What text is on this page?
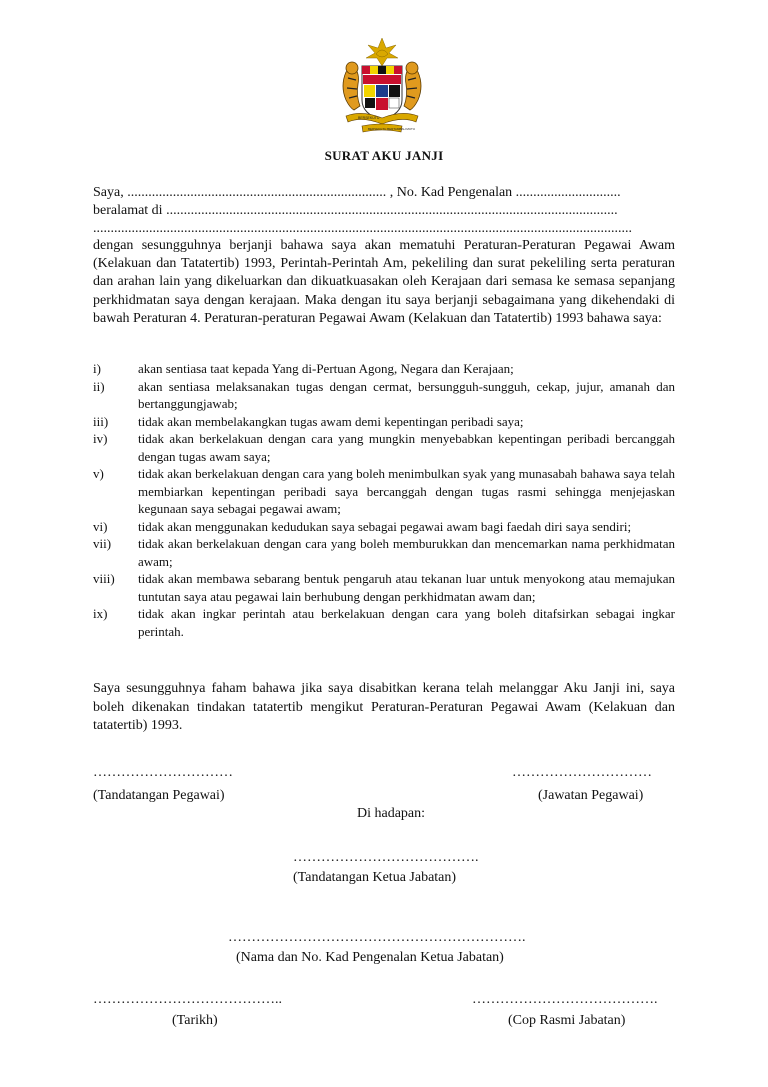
BERSEKUTU
BERSEKUTU BERTAMBAH MUTU
SURAT AKU JANJI
Saya, .......................................................................... , No. Kad Pengenalan ..............................
beralamat di .................................................................................................................................
..........................................................................................................................................................
dengan sesungguhnya berjanji bahawa saya akan mematuhi Peraturan-Peraturan Pegawai Awam (Kelakuan dan Tatatertib) 1993, Perintah-Perintah Am, pekeliling dan surat pekeliling serta peraturan dan arahan lain yang dikeluarkan dan dikuatkuasakan oleh Kerajaan dari semasa ke semasa sepanjang perkhidmatan saya dengan kerajaan. Maka dengan itu saya berjanji sebagaimana yang dikehendaki di bawah Peraturan 4. Peraturan-peraturan Pegawai Awam (Kelakuan dan Tatatertib) 1993 bahawa saya:
i)	akan sentiasa taat kepada Yang di-Pertuan Agong, Negara dan Kerajaan;
ii)	akan sentiasa melaksanakan tugas dengan cermat, bersungguh-sungguh, cekap, jujur, amanah dan bertanggungjawab;
iii)	tidak akan membelakangkan tugas awam demi kepentingan peribadi saya;
iv)	tidak akan berkelakuan dengan cara yang mungkin menyebabkan kepentingan peribadi bercanggah dengan tugas awam saya;
v)	tidak akan berkelakuan dengan cara yang boleh menimbulkan syak yang munasabah bahawa saya telah membiarkan kepentingan peribadi saya bercanggah dengan tugas rasmi sehingga menjejaskan kegunaan saya sebagai pegawai awam;
vi)	tidak akan menggunakan kedudukan saya sebagai pegawai awam bagi faedah diri saya sendiri;
vii)	tidak akan berkelakuan dengan cara yang boleh memburukkan dan mencemarkan nama perkhidmatan awam;
viii)	tidak akan membawa sebarang bentuk pengaruh atau tekanan luar untuk menyokong atau memajukan tuntutan saya atau pegawai lain berhubung dengan perkhidmatan awam dan;
ix)	tidak akan ingkar perintah atau berkelakuan dengan cara yang boleh ditafsirkan sebagai ingkar perintah.
Saya sesungguhnya faham bahawa jika saya disabitkan kerana telah melanggar Aku Janji ini, saya boleh dikenakan tindakan tatatertib mengikut Peraturan-Peraturan Pegawai Awam (Kelakuan dan tatatertib) 1993.
…………………………	…………………………
(Tandatangan Pegawai)	(Jawatan Pegawai)
Di hadapan:
………………………………….
(Tandatangan Ketua Jabatan)
……………………………………………………….
(Nama dan No. Kad Pengenalan Ketua Jabatan)
…………………………………..	………………………………….
(Tarikh)	(Cop Rasmi Jabatan)
